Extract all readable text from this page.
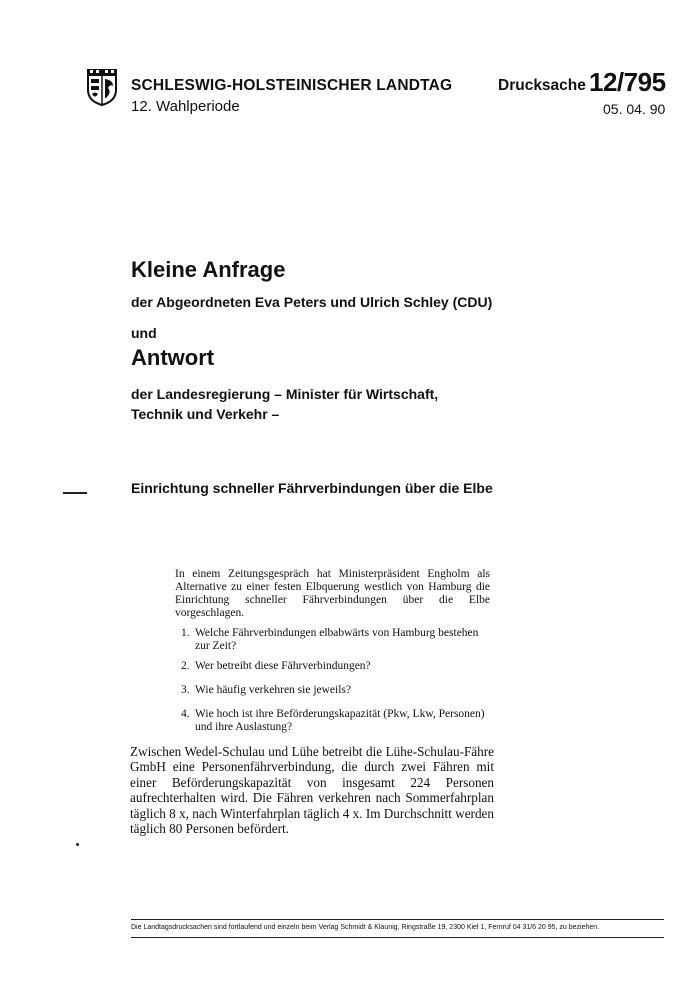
SCHLESWIG-HOLSTEINISCHER LANDTAG
12. Wahlperiode
Drucksache 12/795
05. 04. 90
Kleine Anfrage
der Abgeordneten Eva Peters und Ulrich Schley (CDU)
und
Antwort
der Landesregierung – Minister für Wirtschaft,
Technik und Verkehr –
Einrichtung schneller Fährverbindungen über die Elbe
In einem Zeitungsgespräch hat Ministerpräsident Engholm als Alternative zu einer festen Elbquerung westlich von Hamburg die Einrichtung schneller Fährverbindungen über die Elbe vorgeschlagen.
1. Welche Fährverbindungen elbabwärts von Hamburg bestehen zur Zeit?
2. Wer betreibt diese Fährverbindungen?
3. Wie häufig verkehren sie jeweils?
4. Wie hoch ist ihre Beförderungskapazität (Pkw, Lkw, Personen) und ihre Auslastung?
Zwischen Wedel-Schulau und Lühe betreibt die Lühe-Schulau-Fähre GmbH eine Personenfährverbindung, die durch zwei Fähren mit einer Beförderungskapazität von insgesamt 224 Personen aufrechterhalten wird. Die Fähren verkehren nach Sommerfahrplan täglich 8 x, nach Winterfahrplan täglich 4 x. Im Durchschnitt werden täglich 80 Personen befördert.
Die Landtagsdrucksachen sind fortlaufend und einzeln beim Verlag Schmidt & Klaunig, Ringstraße 19, 2300 Kiel 1, Fernruf 04 31/6 20 95, zu beziehen.
